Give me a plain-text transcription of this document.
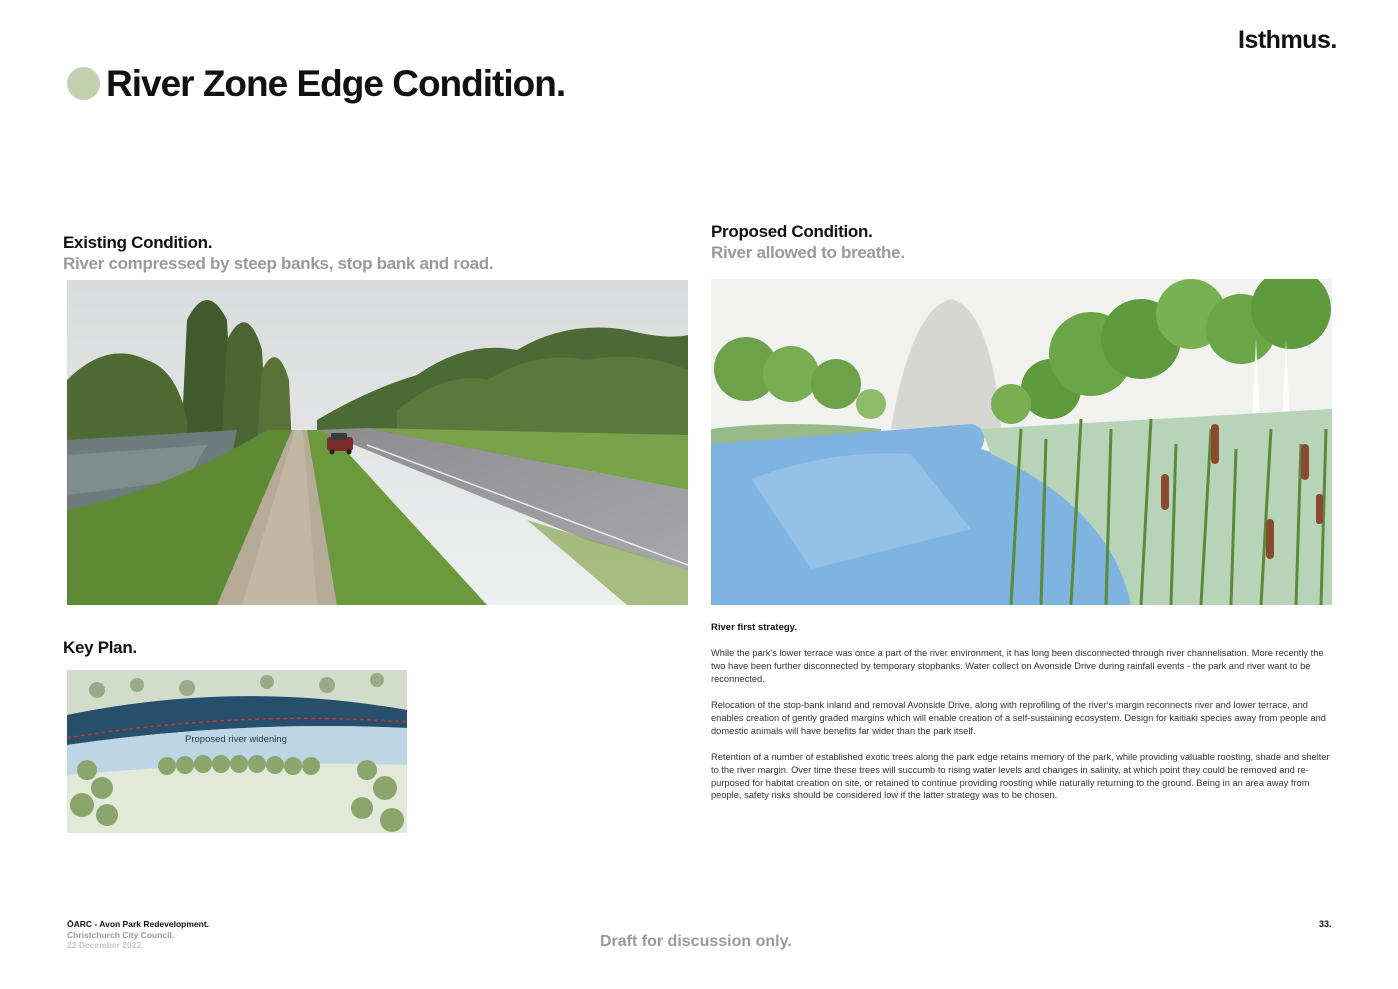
Isthmus.
River Zone Edge Condition.
Existing Condition.
River compressed by steep banks, stop bank and road.
Proposed Condition.
River allowed to breathe.
Key Plan.
Proposed river widening
River first strategy.
While the park's lower terrace was once a part of the river environment, it has long been disconnected through river channelisation. More recently the two have been further disconnected by temporary stopbanks. Water collect on Avonside Drive during rainfall events - the park and river want to be reconnected.
Relocation of the stop-bank inland and removal Avonside Drive, along with reprofiling of the river's margin reconnects river and lower terrace, and enables creation of gently graded margins which will enable creation of a self-sustaining ecosystem. Design for kaitiaki species away from people and domestic animals will have benefits far wider than the park itself.
Retention of a number of established exotic trees along the park edge retains memory of the park, while providing valuable roosting, shade and shelter to the river margin. Over time these trees will succumb to rising water levels and changes in salinity, at which point they could be removed and re-purposed for habitat creation on site, or retained to continue providing roosting while naturally returning to the ground. Being in an area away from people, safety risks should be considered low if the latter strategy was to be chosen.
ŌARC - Avon Park Redevelopment.
Christchurch City Council.
22 December 2022.	Draft for discussion only.
33.
